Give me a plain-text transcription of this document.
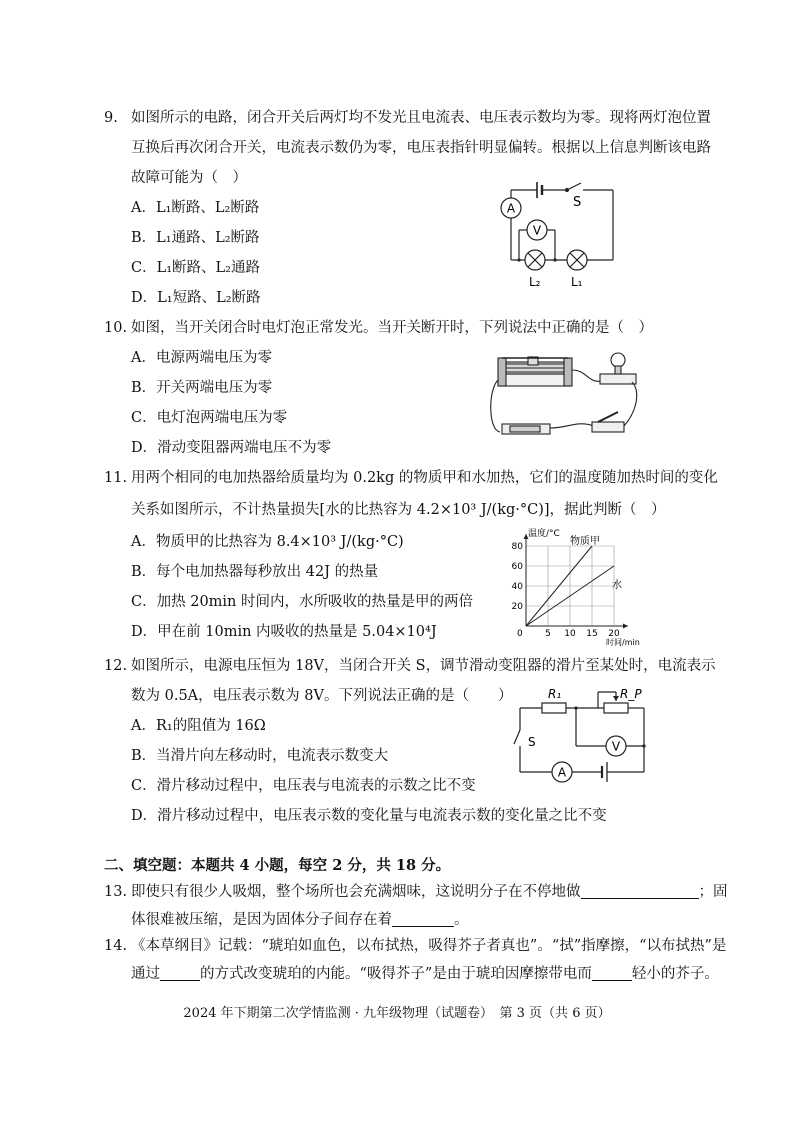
9. 如图所示的电路，闭合开关后两灯均不发光且电流表、电压表示数均为零。现将两灯泡位置
互换后再次闭合开关，电流表示数仍为零，电压表指针明显偏转。根据以上信息判断该电路
故障可能为（　）
A．L₁断路、L₂断路
B．L₁通路、L₂断路
C．L₁断路、L₂通路
D．L₁短路、L₂断路
A
V
S
L₂	L₁
10. 如图，当开关闭合时电灯泡正常发光。当开关断开时，下列说法中正确的是（　）
A．电源两端电压为零
B．开关两端电压为零
C．电灯泡两端电压为零
D．滑动变阻器两端电压不为零
11. 用两个相同的电加热器给质量均为 0.2kg 的物质甲和水加热，它们的温度随加热时间的变化
关系如图所示，不计热量损失[水的比热容为 4.2×10³ J/(kg·°C)]，据此判断（　）
A．物质甲的比热容为 8.4×10³ J/(kg·°C)
B．每个电加热器每秒放出 42J 的热量
C．加热 20min 时间内，水所吸收的热量是甲的两倍
D．甲在前 10min 内吸收的热量是 5.04×10⁴J	5 10 15 20
20
40
60
80	物质甲
水
温度/°C
时间/min
0
12. 如图所示，电源电压恒为 18V，当闭合开关 S，调节滑动变阻器的滑片至某处时，电流表示
数为 0.5A，电压表示数为 8V。下列说法正确的是（　　）
A．R₁的阻值为 16Ω
B．当滑片向左移动时，电流表示数变大
C．滑片移动过程中，电压表与电流表的示数之比不变
D．滑片移动过程中，电压表示数的变化量与电流表示数的变化量之比不变
R₁	R_P
S	V
A
二、填空题：本题共 4 小题，每空 2 分，共 18 分。
13. 即使只有很少人吸烟，整个场所也会充满烟味，这说明分子在不停地做	；固
体很难被压缩，是因为固体分子间存在着	。
14. 《本草纲目》记载：“琥珀如血色，以布拭热，吸得芥子者真也”。“拭”指摩擦，“以布拭热”是
通过	的方式改变琥珀的内能。“吸得芥子”是由于琥珀因摩擦带电而	轻小的芥子。
2024 年下期第二次学情监测 · 九年级物理（试题卷）　第 3 页（共 6 页）
